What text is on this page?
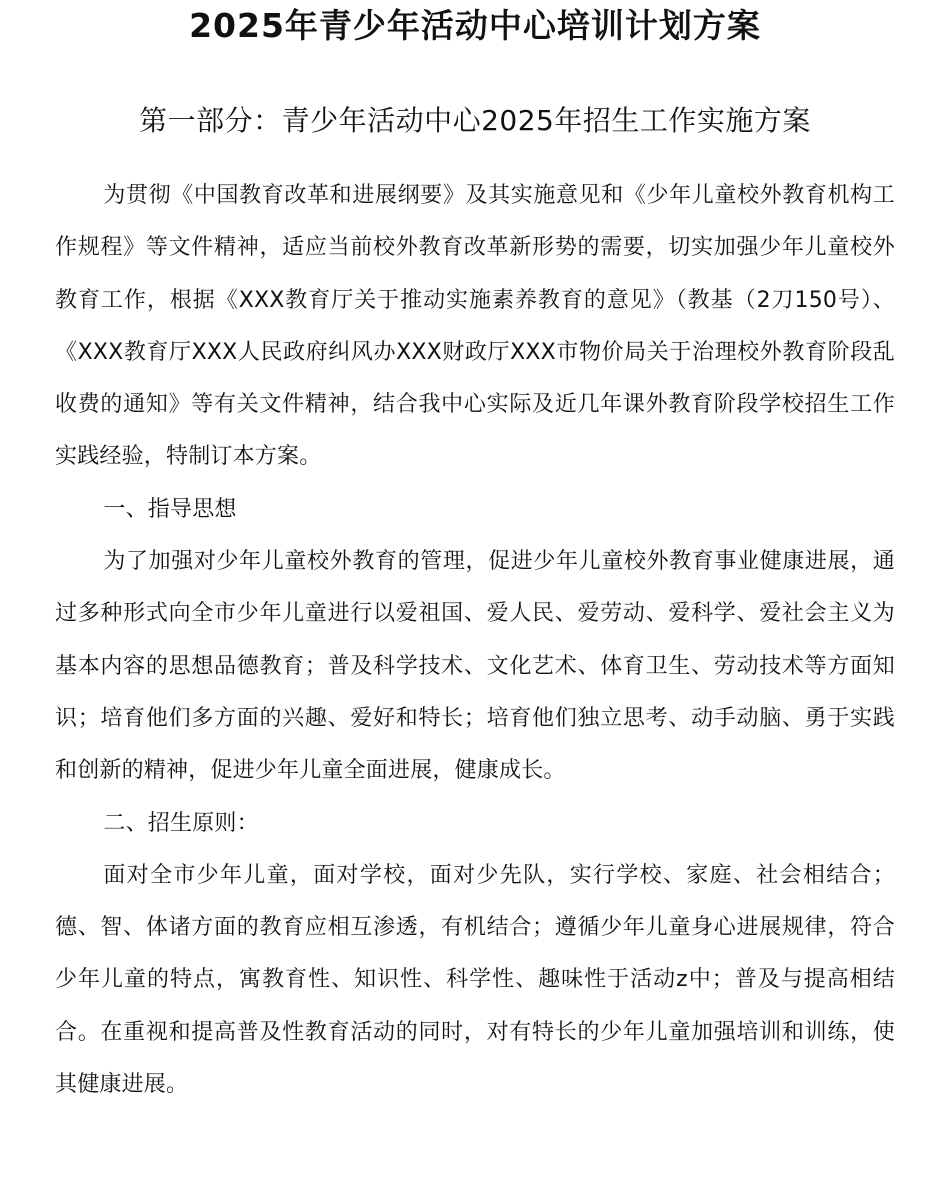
2025年青少年活动中心培训计划方案
第一部分：青少年活动中心2025年招生工作实施方案

为贯彻《中国教育改革和进展纲要》及其实施意见和《少年儿童校外教育机构工作规程》等文件精神，适应当前校外教育改革新形势的需要，切实加强少年儿童校外教育工作，根据《XXX教育厅关于推动实施素养教育的意见》（教基（2刀150号）、《XXX教育厅XXX人民政府纠风办XXX财政厅XXX市物价局关于治理校外教育阶段乱收费的通知》等有关文件精神，结合我中心实际及近几年课外教育阶段学校招生工作实践经验，特制订本方案。

一、指导思想

为了加强对少年儿童校外教育的管理，促进少年儿童校外教育事业健康进展，通过多种形式向全市少年儿童进行以爱祖国、爱人民、爱劳动、爱科学、爱社会主义为基本内容的思想品德教育；普及科学技术、文化艺术、体育卫生、劳动技术等方面知识；培育他们多方面的兴趣、爱好和特长；培育他们独立思考、动手动脑、勇于实践和创新的精神，促进少年儿童全面进展，健康成长。

二、招生原则：

面对全市少年儿童，面对学校，面对少先队，实行学校、家庭、社会相结合；德、智、体诸方面的教育应相互渗透，有机结合；遵循少年儿童身心进展规律，符合少年儿童的特点，寓教育性、知识性、科学性、趣味性于活动z中；普及与提高相结合。在重视和提高普及性教育活动的同时，对有特长的少年儿童加强培训和训练，使其健康进展。
